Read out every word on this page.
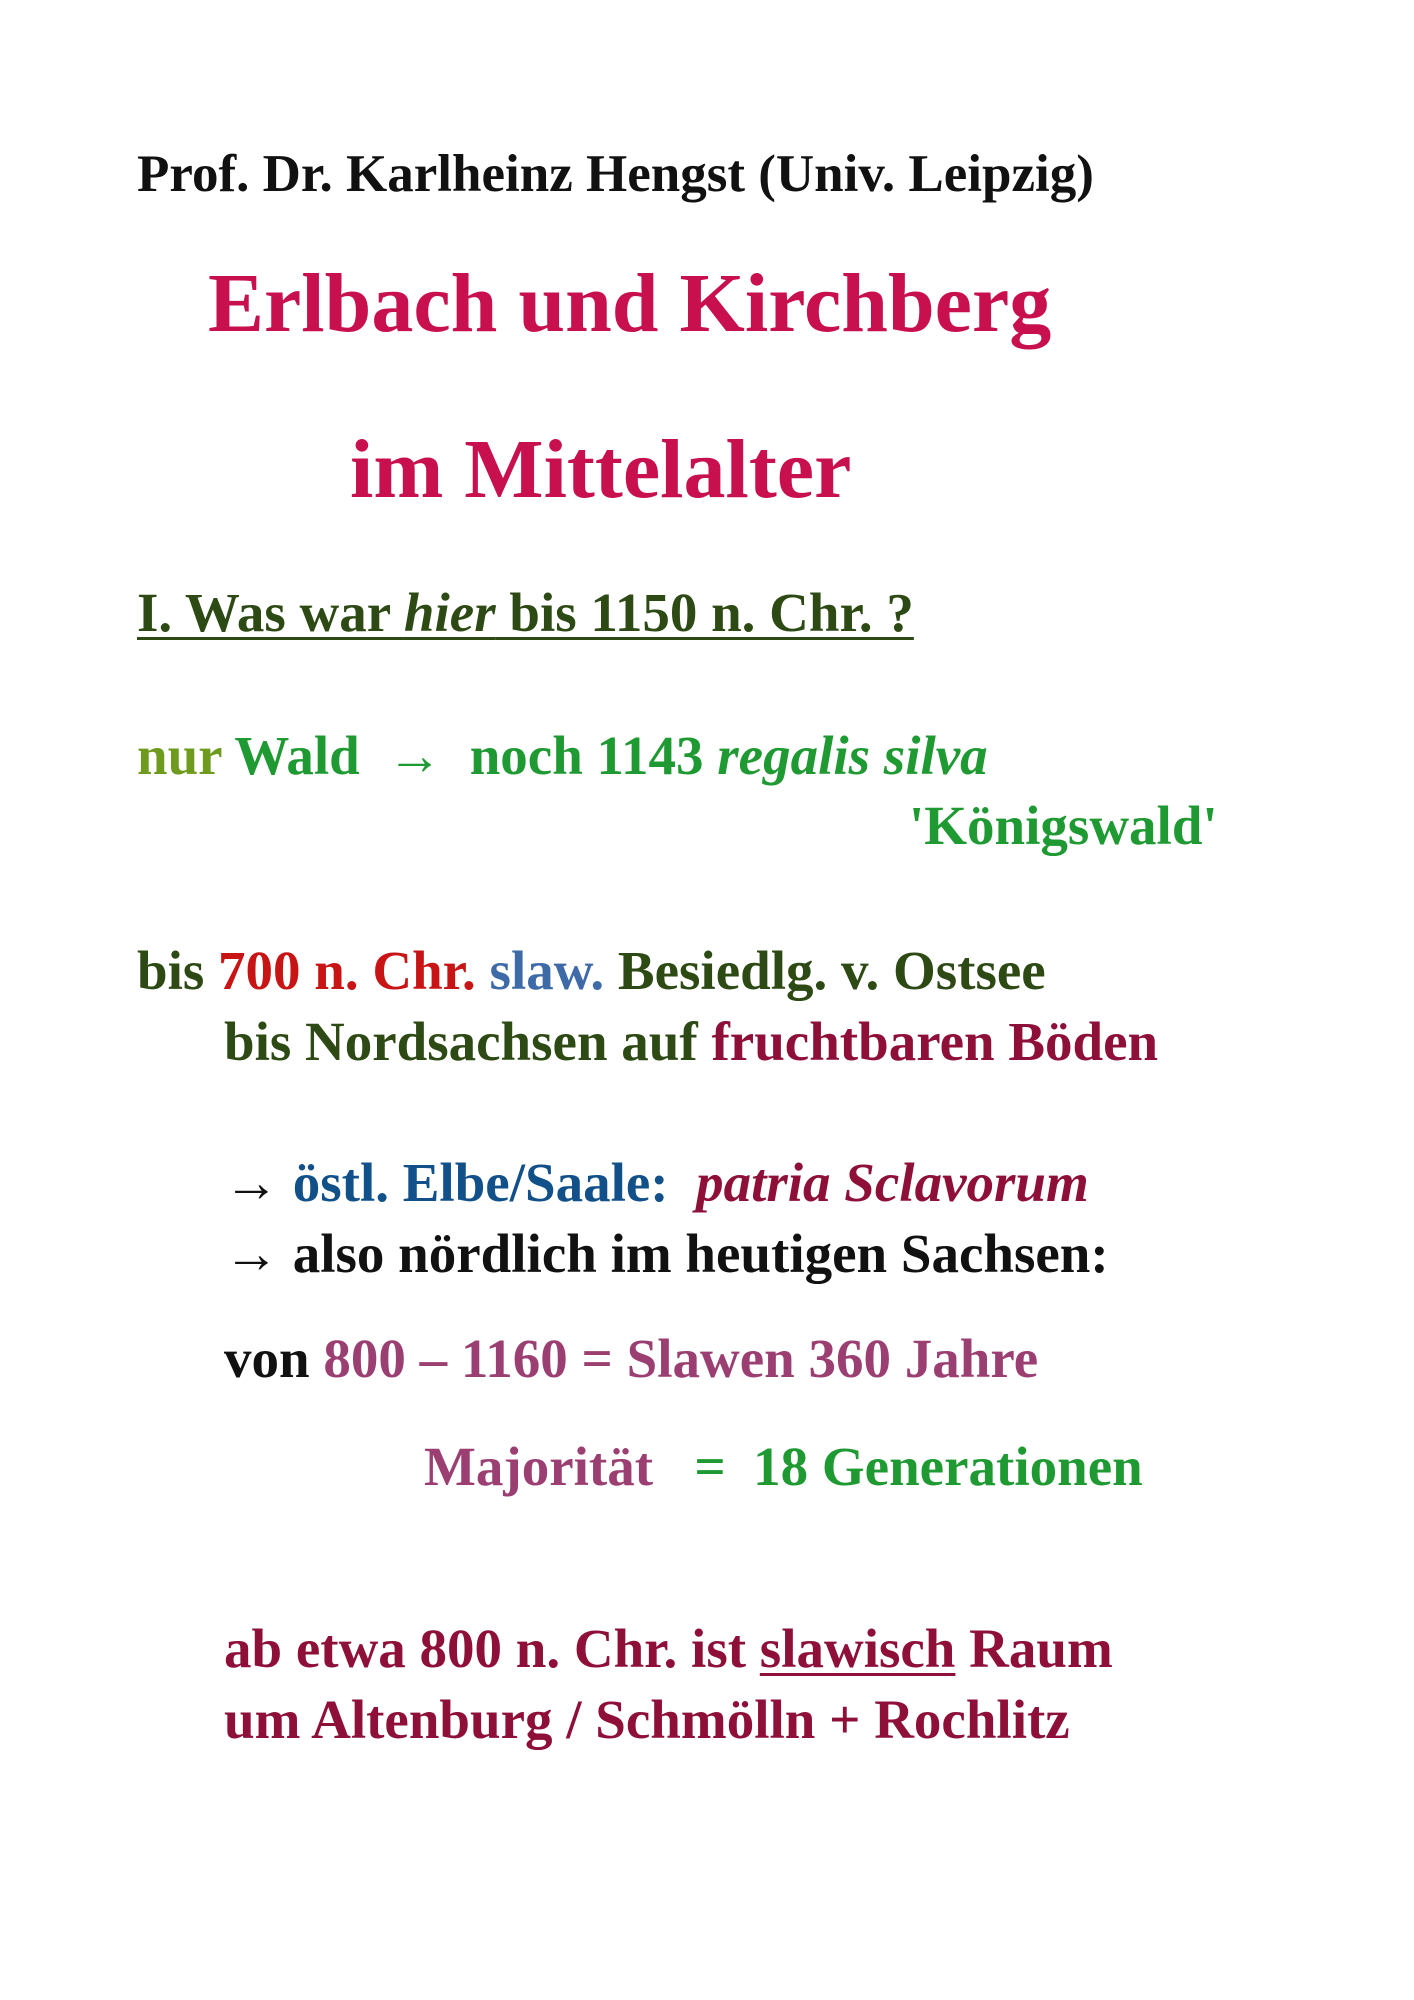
Prof. Dr. Karlheinz Hengst (Univ. Leipzig)
Erlbach und Kirchberg
im Mittelalter
I. Was war hier bis 1150 n. Chr. ?
nur Wald  →  noch 1143 regalis silva
'Königswald'
bis 700 n. Chr. slaw. Besiedlg. v. Ostsee
bis Nordsachsen auf fruchtbaren Böden
→ östl. Elbe/Saale: patria Sclavorum
→ also nördlich im heutigen Sachsen:
von 800 – 1160 = Slawen 360 Jahre
Majorität   =  18 Generationen
ab etwa 800 n. Chr. ist slawisch Raum
um Altenburg / Schmölln + Rochlitz
